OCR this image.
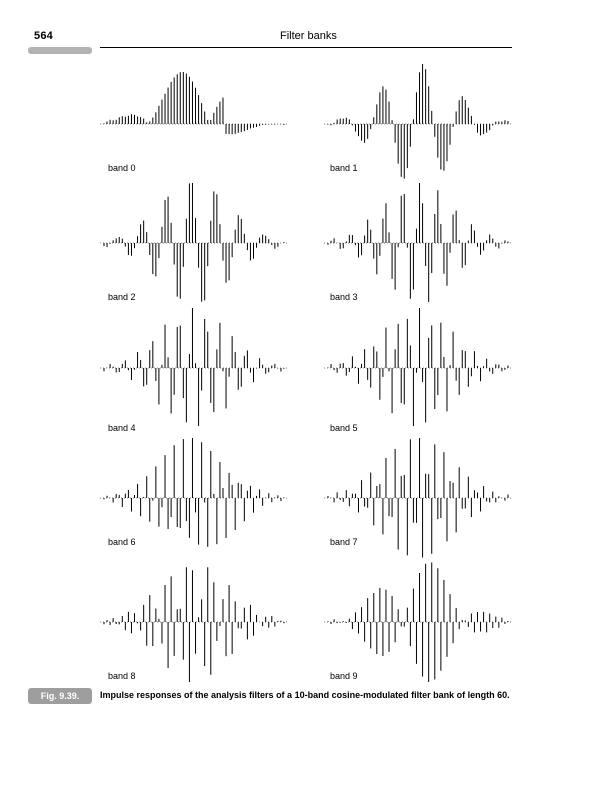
564	Filter banks
band 0	band 1
band 2	band 3
band 4	band 5
band 6	band 7
band 8	band 9
Fig. 9.39.	Impulse responses of the analysis filters of a 10-band cosine-modulated filter bank of length 60.
